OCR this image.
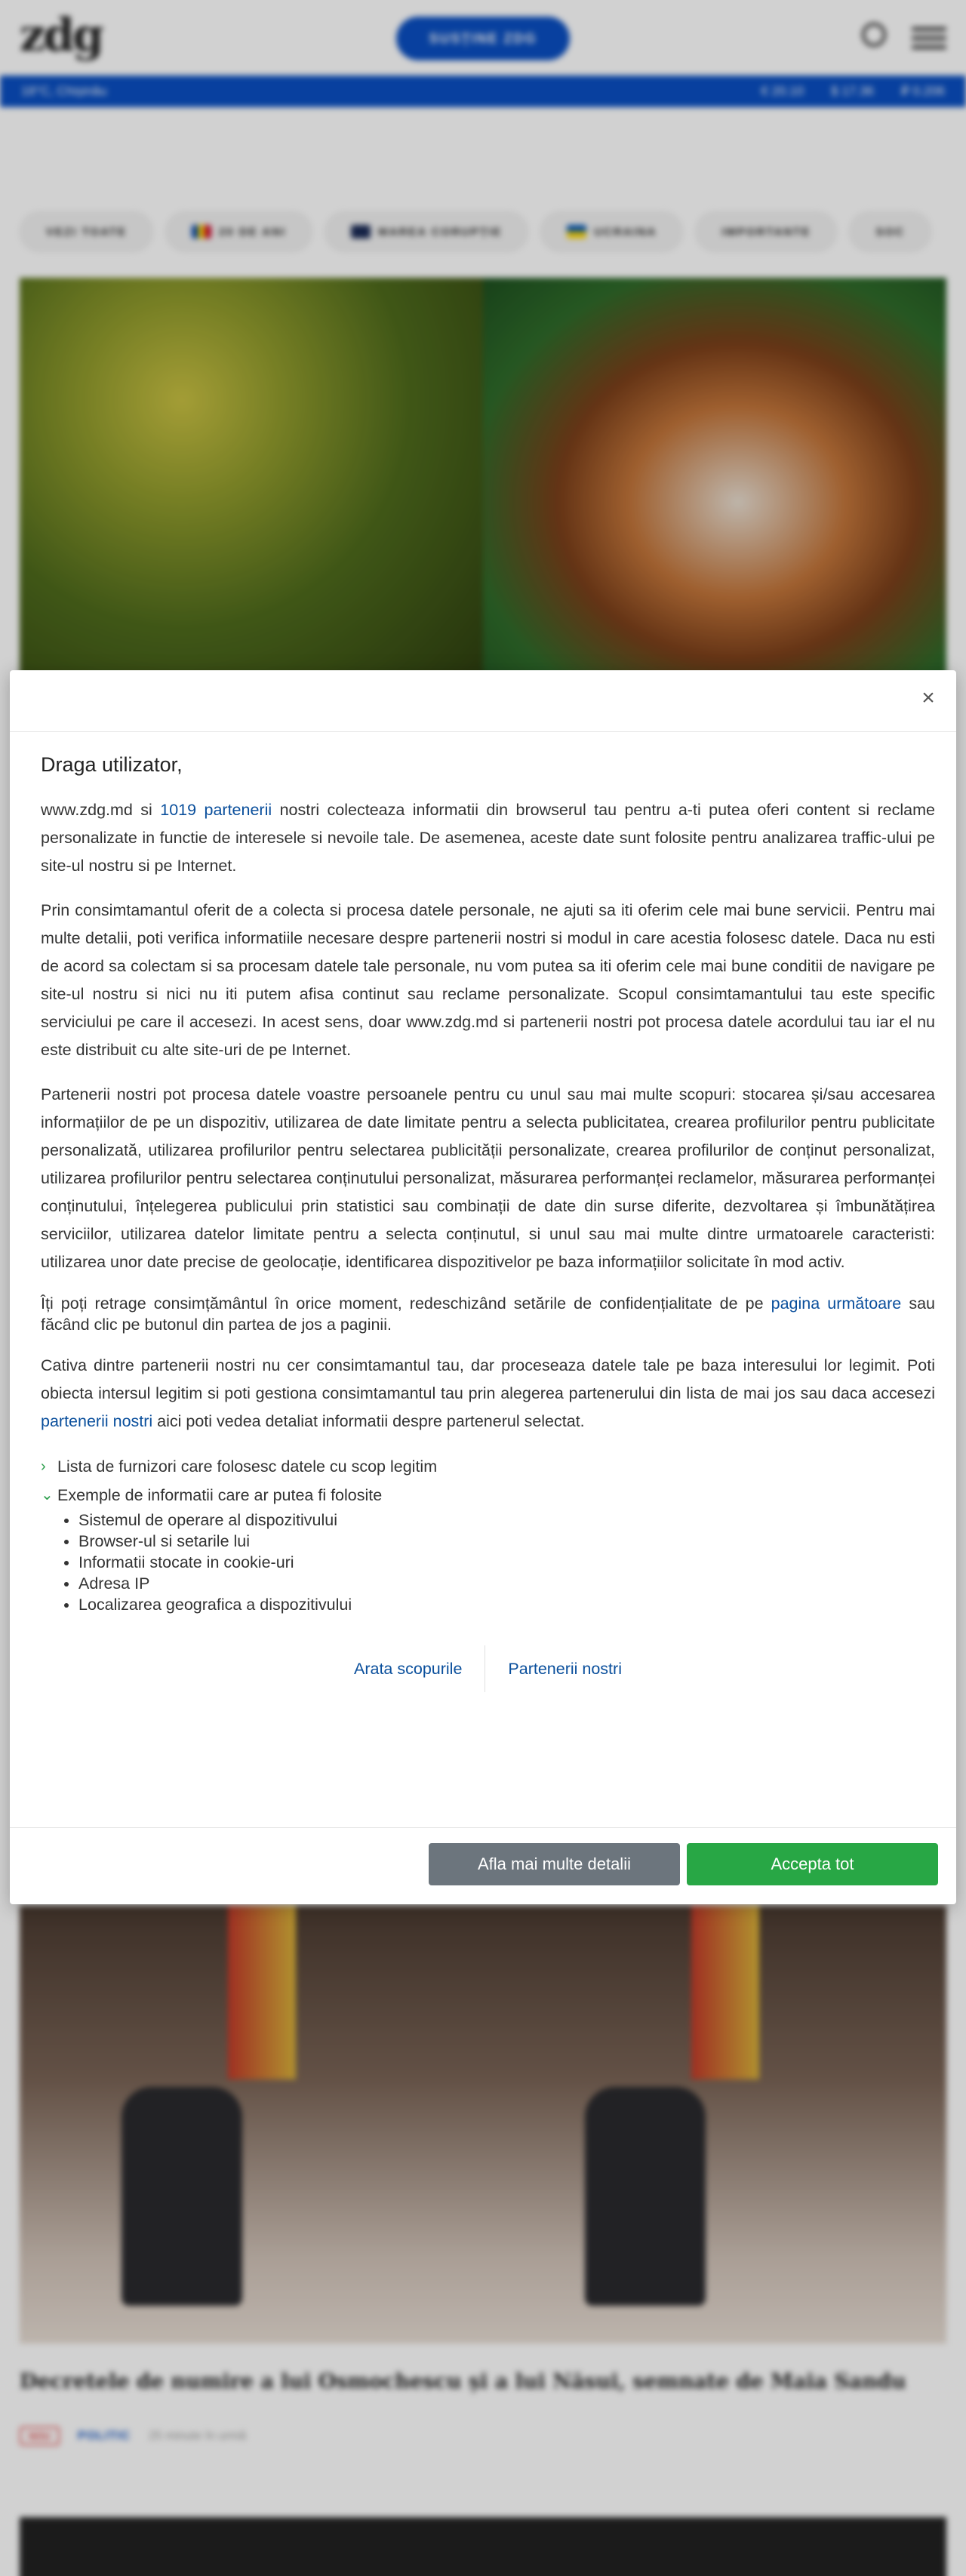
zdg	SUSȚINE ZDG
18°C, Chișinău	€ 20.10 $ 17.36 ₽ 0.206
VEZI TOATE	20 DE ANI	MAREA CORUPȚIE	UCRAINA	IMPORTANTE	SOC
Decretele de numire a lui Osmochescu și a lui Năsui, semnate de Maia Sandu
NOU	POLITIC 25 minute în urmă
×
Draga utilizator,

www.zdg.md si 1019 partenerii nostri colecteaza informatii din browserul tau pentru a-ti putea oferi content si reclame personalizate in functie de interesele si nevoile tale. De asemenea, aceste date sunt folosite pentru analizarea traffic-ului pe site-ul nostru si pe Internet.

Prin consimtamantul oferit de a colecta si procesa datele personale, ne ajuti sa iti oferim cele mai bune servicii. Pentru mai multe detalii, poti verifica informatiile necesare despre partenerii nostri si modul in care acestia folosesc datele. Daca nu esti de acord sa colectam si sa procesam datele tale personale, nu vom putea sa iti oferim cele mai bune conditii de navigare pe site-ul nostru si nici nu iti putem afisa continut sau reclame personalizate. Scopul consimtamantului tau este specific serviciului pe care il accesezi. In acest sens, doar www.zdg.md si partenerii nostri pot procesa datele acordului tau iar el nu este distribuit cu alte site-uri de pe Internet.

Partenerii nostri pot procesa datele voastre persoanele pentru cu unul sau mai multe scopuri: stocarea și/sau accesarea informațiilor de pe un dispozitiv, utilizarea de date limitate pentru a selecta publicitatea, crearea profilurilor pentru publicitate personalizată, utilizarea profilurilor pentru selectarea publicității personalizate, crearea profilurilor de conținut personalizat, utilizarea profilurilor pentru selectarea conținutului personalizat, măsurarea performanței reclamelor, măsurarea performanței conținutului, înțelegerea publicului prin statistici sau combinații de date din surse diferite, dezvoltarea și îmbunătățirea serviciilor, utilizarea datelor limitate pentru a selecta conținutul, si unul sau mai multe dintre urmatoarele caracteristi: utilizarea unor date precise de geolocație, identificarea dispozitivelor pe baza informațiilor solicitate în mod activ.

Îți poți retrage consimțământul în orice moment, redeschizând setările de confidențialitate de pe pagina următoare sau făcând clic pe butonul din partea de jos a paginii.

Cativa dintre partenerii nostri nu cer consimtamantul tau, dar proceseaza datele tale pe baza interesului lor legimit. Poti obiecta intersul legitim si poti gestiona consimtamantul tau prin alegerea partenerului din lista de mai jos sau daca accesezi partenerii nostri aici poti vedea detaliat informatii despre partenerul selectat.

› Lista de furnizori care folosesc datele cu scop legitim
⌄ Exemple de informatii care ar putea fi folosite
• Sistemul de operare al dispozitivului
• Browser-ul si setarile lui
• Informatii stocate in cookie-uri
• Adresa IP
• Localizarea geografica a dispozitivului
Arata scopurile	Partenerii nostri
Afla mai multe detalii	Accepta tot
